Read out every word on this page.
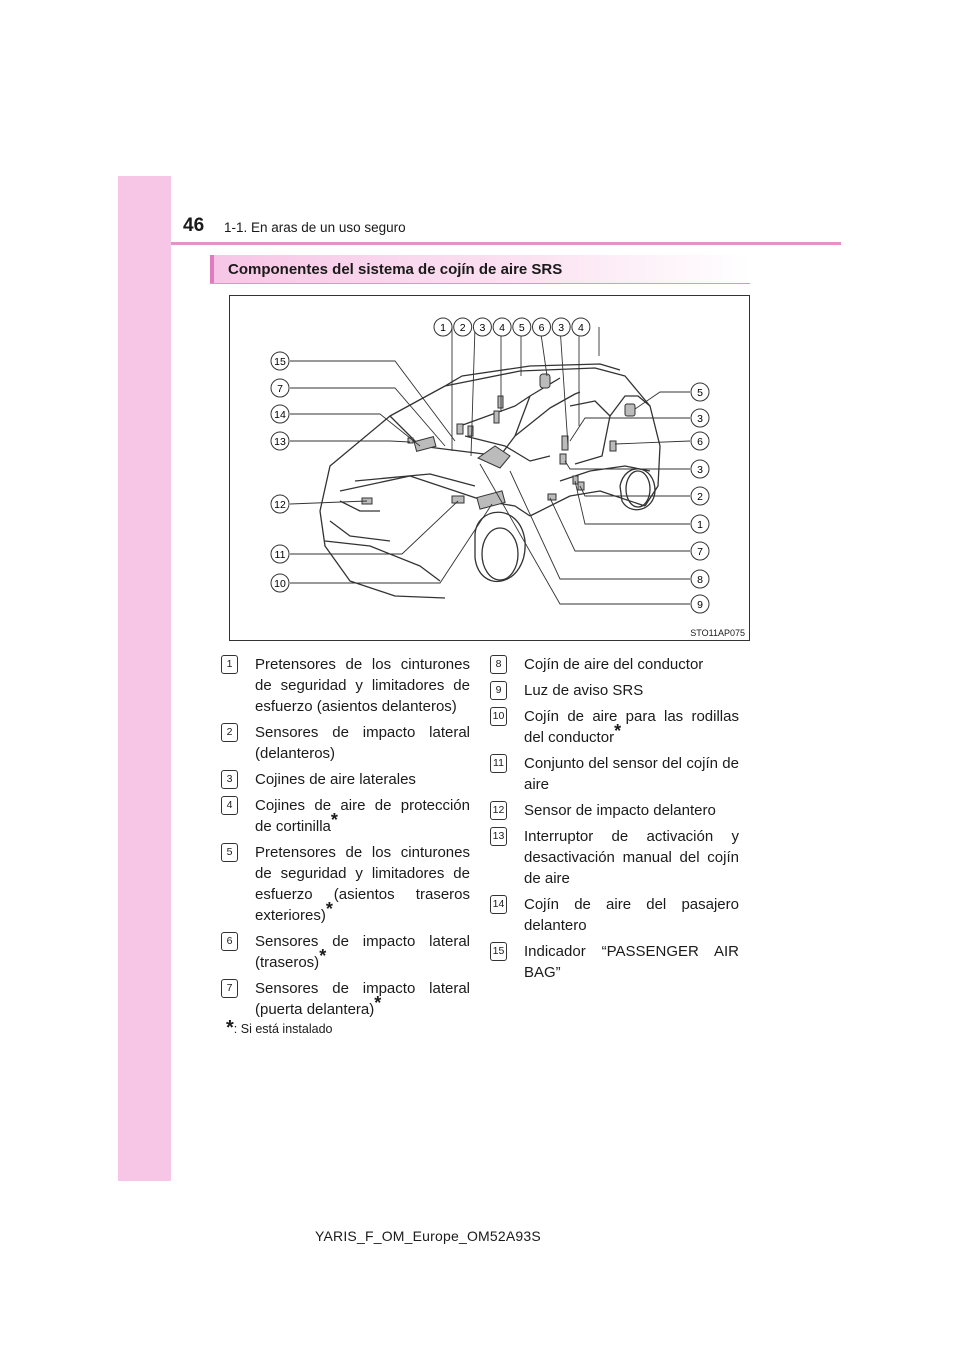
46 1-1. En aras de un uso seguro
Componentes del sistema de cojín de aire SRS
1 2 3 4 5 6 3 4
15
7
14
13
12
11
10
5
3
6
3
2
1
7
8
9
STO11AP075
1	Pretensores de los cinturones de seguridad y limitadores de esfuerzo (asientos delanteros)
2	Sensores de impacto lateral (delanteros)
3	Cojines de aire laterales
4	Cojines de aire de protección de cortinilla*
5	Pretensores de los cinturones de seguridad y limitadores de esfuerzo (asientos traseros exteriores)*
6	Sensores de impacto lateral (traseros)*
7	Sensores de impacto lateral (puerta delantera)*
8	Cojín de aire del conductor
9	Luz de aviso SRS
10 Cojín de aire para las rodillas del conductor*
11 Conjunto del sensor del cojín de aire
12 Sensor de impacto delantero
13 Interruptor de activación y desactivación manual del cojín de aire
14 Cojín de aire del pasajero delantero
15 Indicador “PASSENGER AIR BAG”
*: Si está instalado
YARIS_F_OM_Europe_OM52A93S
